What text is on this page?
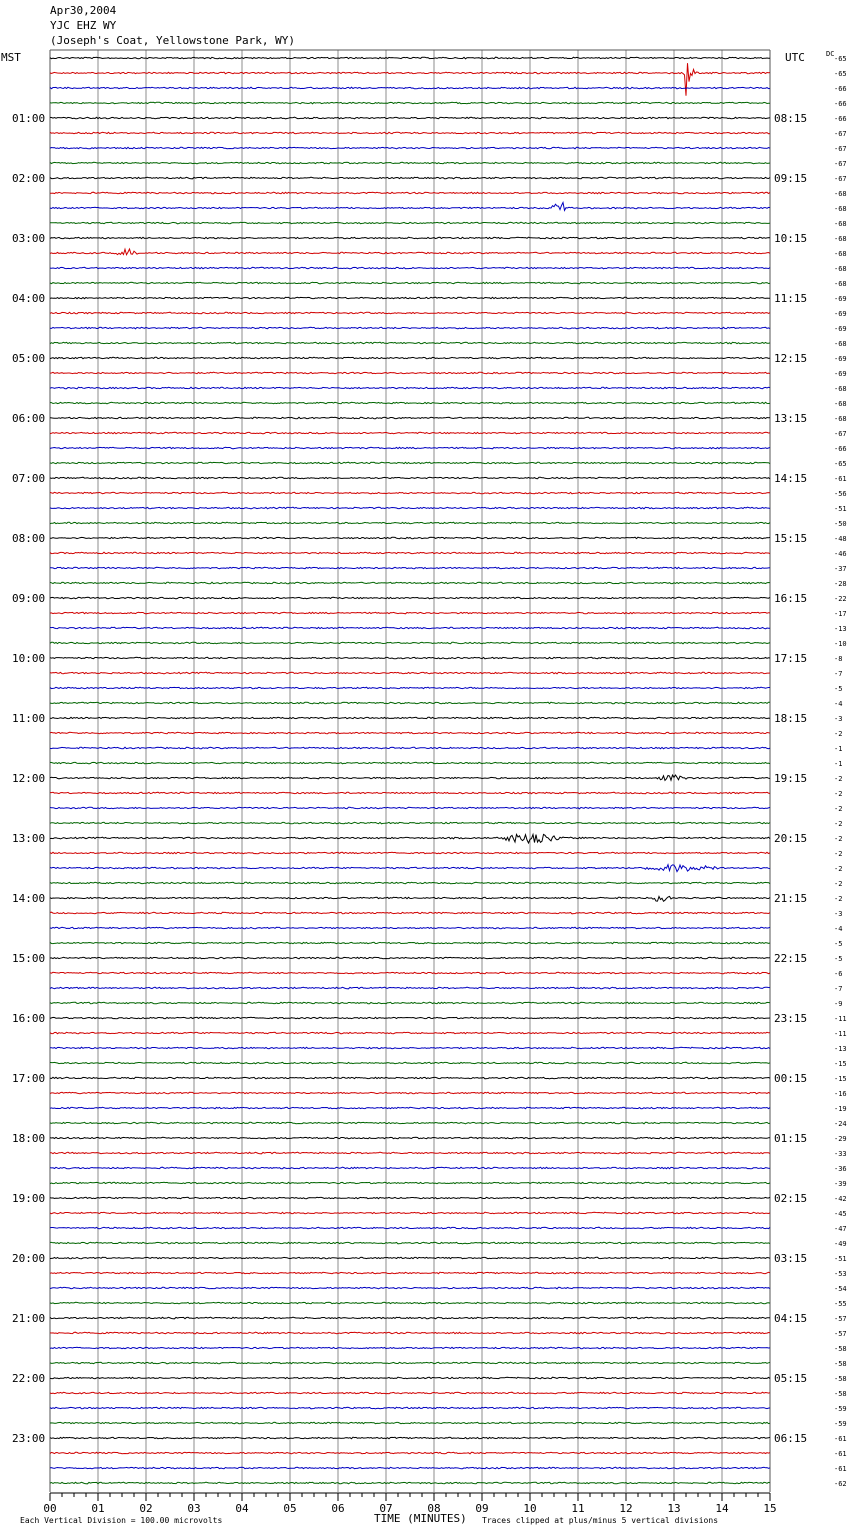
Apr30,2004
YJC EHZ WY
(Joseph's Coat, Yellowstone Park, WY)
-65
-65
-66
-66
-66
01:00	08:15
-67
-67
-67
-67
02:00	09:15
-68
-68
-68
-68
03:00	10:15
-68
-68
-68
-69
04:00	11:15
-69
-69
-68
-69
05:00	12:15
-69
-68
-68
-68
06:00	13:15
-67
-66
-65
-61
07:00	14:15
-56
-51
-50
-48
08:00	15:15
-46
-37
-28
-22
09:00	16:15
-17
-13
-10
-8
10:00	17:15
-7
-5
-4
-3
11:00	18:15
-2
-1
-1
-2
12:00	19:15
-2
-2
-2
-2
13:00	20:15
-2
-2
-2
-2
14:00	21:15
-3
-4
-5
-5
15:00	22:15
-6
-7
-9
-11
16:00	23:15
-11
-13
-15
-15
17:00	00:15
-16
-19
-24
-29
18:00	01:15
-33
-36
-39
-42
19:00	02:15
-45
-47
-49
-51
20:00	03:15
-53
-54
-55
-57
21:00	04:15
-57
-58
-58
-58
22:00	05:15
-58
-59
-59
-61
23:00	06:15
-61
-61
-62
00	01	02	03	04	05	06	07	08	09	10	11	12	13	14	15
MST	UTC	DC
Each Vertical Division = 100.00 microvolts	TIME (MINUTES) Traces clipped at plus/minus 5 vertical divisions
